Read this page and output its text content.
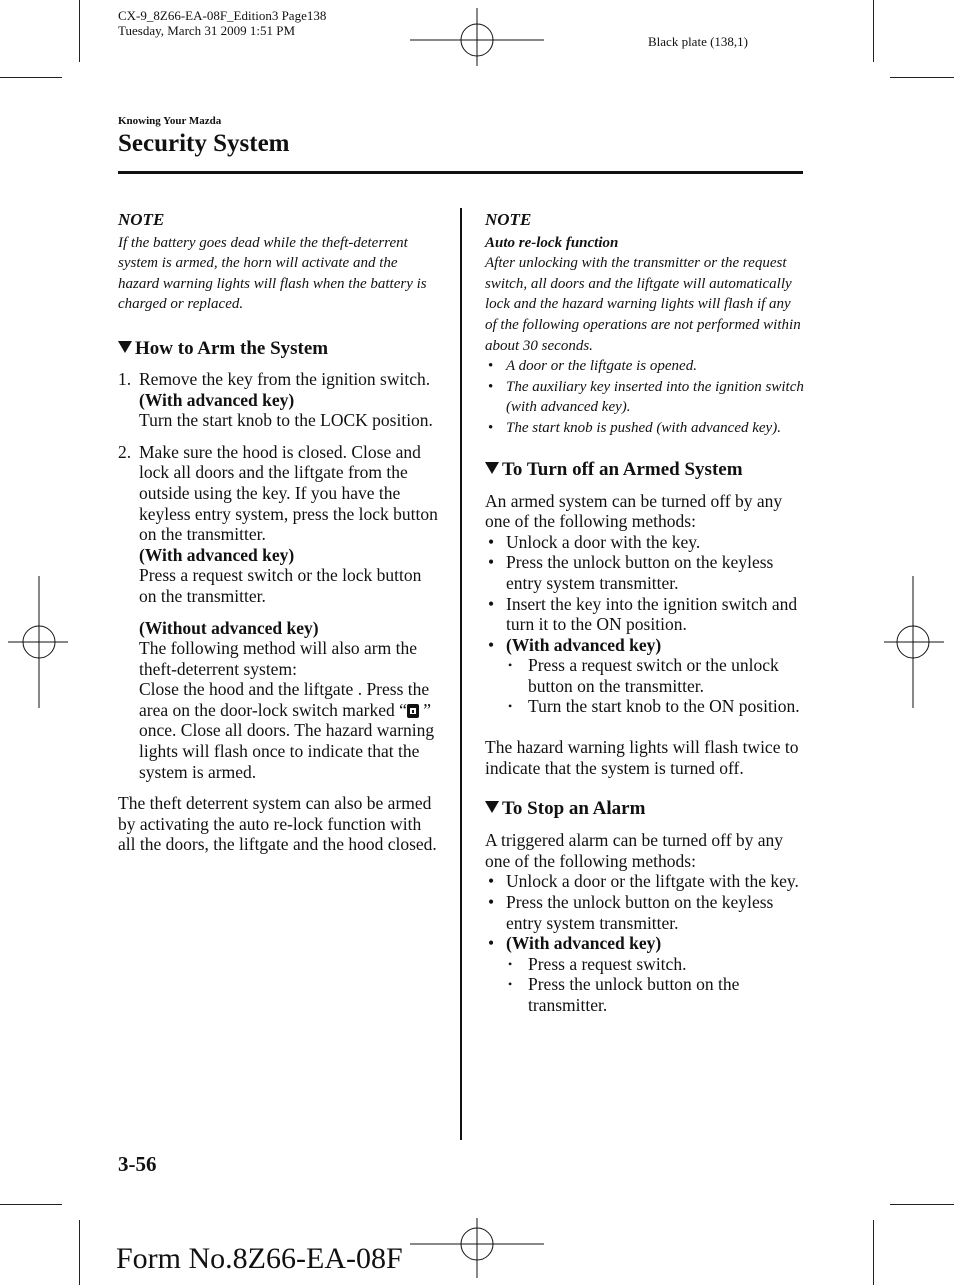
CX-9_8Z66-EA-08F_Edition3 Page138
Tuesday, March 31 2009 1:51 PM
Black plate (138,1)
Knowing Your Mazda
Security System
NOTE

If the battery goes dead while the theft-deterrent system is armed, the horn will activate and the hazard warning lights will flash when the battery is charged or replaced.

How to Arm the System
1. Remove the key from the ignition switch.

(With advanced key)

Turn the start knob to the LOCK position.

2. Make sure the hood is closed. Close and lock all doors and the liftgate from the outside using the key. If you have the keyless entry system, press the lock button on the transmitter.

(With advanced key)

Press a request switch or the lock button on the transmitter.

(Without advanced key)

The following method will also arm the theft-deterrent system:

Close the hood and the liftgate . Press the area on the door-lock switch marked “
” once. Close all doors. The hazard warning lights will flash once to indicate that the system is armed.

The theft deterrent system can also be armed by activating the auto re-lock function with all the doors, the liftgate and the hood closed.

NOTE

Auto re-lock function

After unlocking with the transmitter or the request switch, all doors and the liftgate will automatically lock and the hazard warning lights will flash if any of the following operations are not performed within about 30 seconds.

• A door or the liftgate is opened.
• The auxiliary key inserted into the ignition switch (with advanced key).
• The start knob is pushed (with advanced key).
To Turn off an Armed System

An armed system can be turned off by any one of the following methods:

• Unlock a door with the key.
• Press the unlock button on the keyless entry system transmitter.
• Insert the key into the ignition switch and turn it to the ON position.
• (With advanced key)
• Press a request switch or the unlock button on the transmitter.
• Turn the start knob to the ON position.

The hazard warning lights will flash twice to indicate that the system is turned off.

To Stop an Alarm

A triggered alarm can be turned off by any one of the following methods:

• Unlock a door or the liftgate with the key.
• Press the unlock button on the keyless entry system transmitter.
• (With advanced key)
• Press a request switch.
• Press the unlock button on the transmitter.
3-56
Form No.8Z66-EA-08F
